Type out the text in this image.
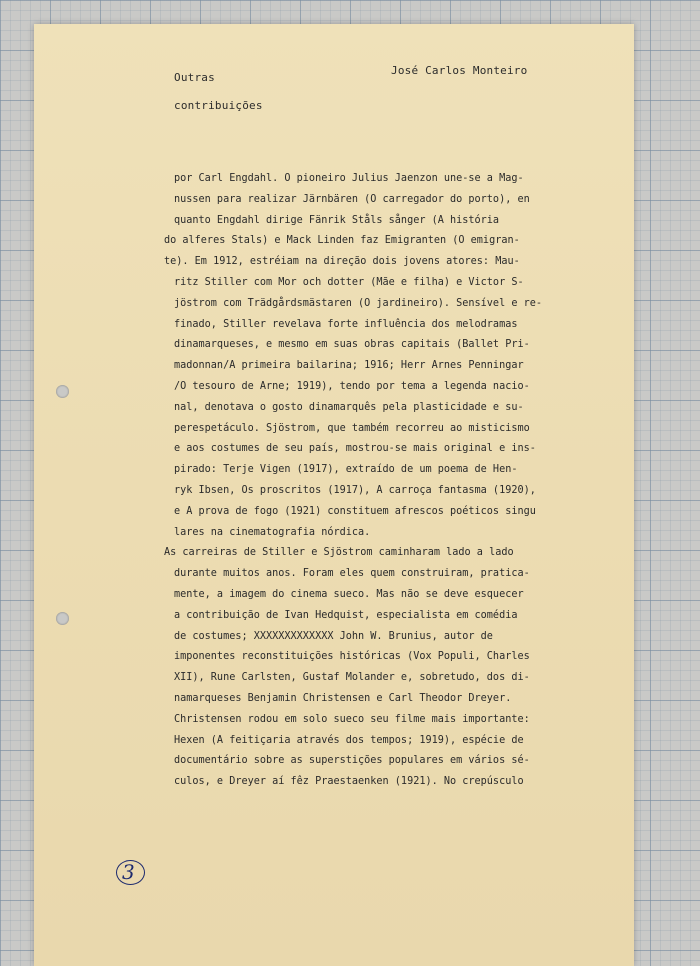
Outras
contribuições
José Carlos Monteiro
por Carl Engdahl. O pioneiro Julius Jaenzon une-se a Mag-
nussen para realizar Järnbären (O carregador do porto), en
quanto Engdahl dirige Fänrik Ståls sånger (A história
do alferes Stals) e Mack Linden faz Emigranten (O emigran-
te). Em 1912, estréiam na direção dois jovens atores: Mau-
ritz Stiller com Mor och dotter (Mãe e filha) e Victor S-
jöstrom com Trädgårdsmästaren (O jardineiro). Sensível e re-
finado, Stiller revelava forte influência dos melodramas
dinamarqueses, e mesmo em suas obras capitais (Ballet Pri-
madonnan/A primeira bailarina; 1916; Herr Arnes Penningar
/O tesouro de Arne; 1919), tendo por tema a legenda nacio-
nal, denotava o gosto dinamarquês pela plasticidade e su-
perespetáculo. Sjöstrom, que também recorreu ao misticismo
e aos costumes de seu país, mostrou-se mais original e ins-
pirado: Terje Vigen (1917), extraído de um poema de Hen-
ryk Ibsen, Os proscritos (1917), A carroça fantasma (1920),
e A prova de fogo (1921) constituem afrescos poéticos singu
lares na cinematografia nórdica.
As carreiras de Stiller e Sjöstrom caminharam lado a lado
durante muitos anos. Foram eles quem construiram, pratica-
mente, a imagem do cinema sueco. Mas não se deve esquecer
a contribuição de Ivan Hedquist, especialista em comédia
de costumes; XXXXXXXXXXXXX John W. Brunius, autor de
imponentes reconstituições históricas (Vox Populi, Charles
XII), Rune Carlsten, Gustaf Molander e, sobretudo, dos di-
namarqueses Benjamin Christensen e Carl Theodor Dreyer.
Christensen rodou em solo sueco seu filme mais importante:
Hexen (A feitiçaria através dos tempos; 1919), espécie de
documentário sobre as superstições populares em vários sé-
culos, e Dreyer aí fêz Praestaenken (1921). No crepúsculo
3
